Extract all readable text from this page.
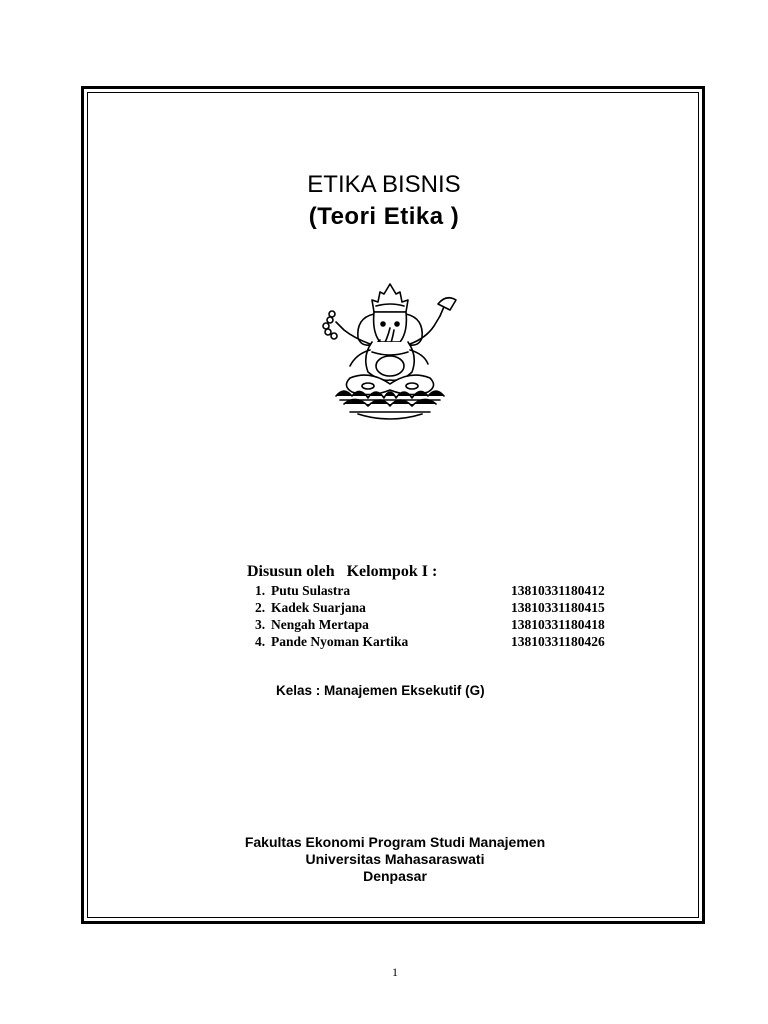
ETIKA BISNIS
(Teori Etika )
Disusun oleh Kelompok I :
1. Putu Sulastra	13810331180412
2. Kadek Suarjana	13810331180415
3. Nengah Mertapa	13810331180418
4. Pande Nyoman Kartika	13810331180426
Kelas : Manajemen Eksekutif (G)
Fakultas Ekonomi Program Studi Manajemen
Universitas Mahasaraswati
Denpasar
1
